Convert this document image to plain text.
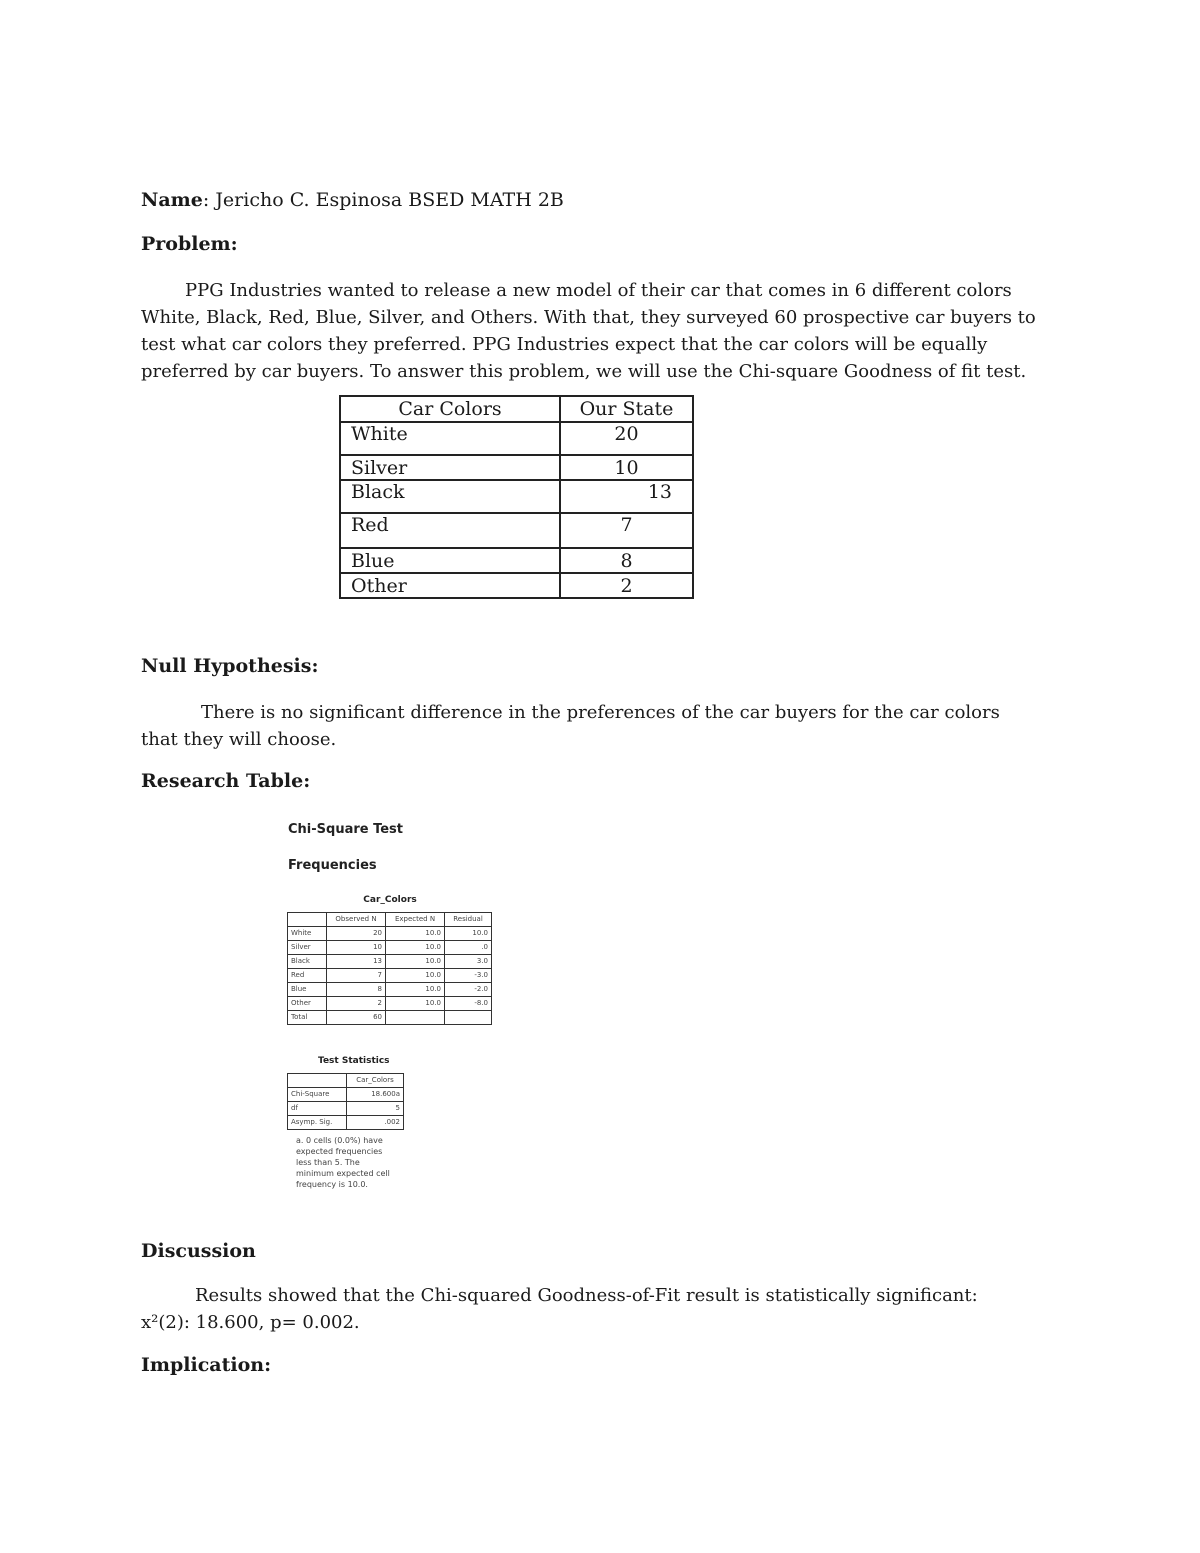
Name: Jericho C. Espinosa BSED MATH 2B
Problem:
PPG Industries wanted to release a new model of their car that comes in 6 different colors White, Black, Red, Blue, Silver, and Others. With that, they surveyed 60 prospective car buyers to test what car colors they preferred. PPG Industries expect that the car colors will be equally preferred by car buyers. To answer this problem, we will use the Chi-square Goodness of fit test.
Car Colors	Our State
White	20
Silver	10
Black	13
Red	7
Blue	8
Other	2
Null Hypothesis:
There is no significant difference in the preferences of the car buyers for the car colors that they will choose.
Research Table:
Chi-Square Test
Frequencies
Car_Colors
	Observed N	Expected N	Residual
White	20	10.0	10.0
Silver	10	10.0	.0
Black	13	10.0	3.0
Red	7	10.0	-3.0
Blue	8	10.0	-2.0
Other	2	10.0	-8.0
Total	60		
Test Statistics
	Car_Colors
Chi-Square	18.600a
df	5
Asymp. Sig.	.002
a. 0 cells (0.0%) have expected frequencies less than 5. The minimum expected cell frequency is 10.0.
Discussion
Results showed that the Chi-squared Goodness-of-Fit result is statistically significant: x²(2): 18.600, p= 0.002.
Implication:
